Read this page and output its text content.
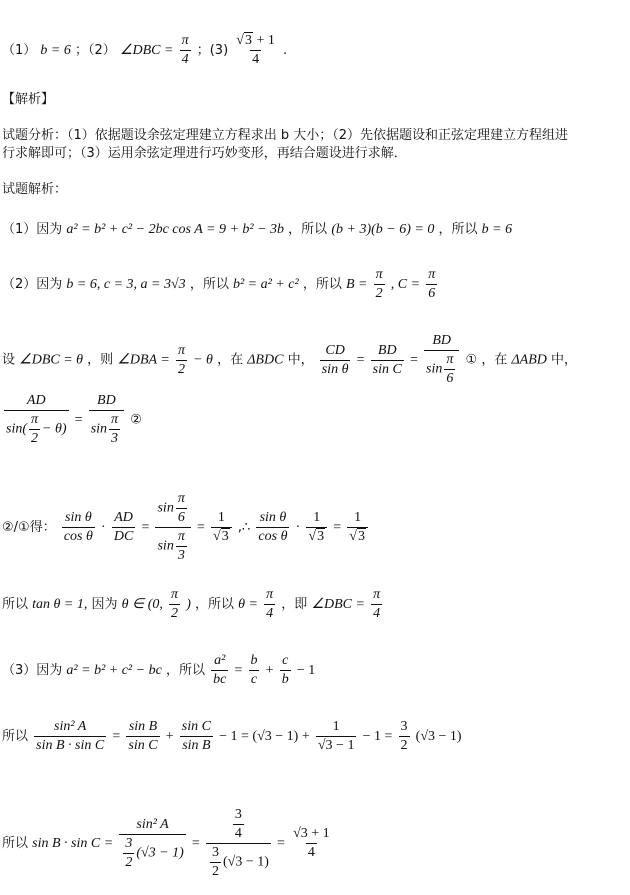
（1） b = 6 ；（2） ∠DBC = $\frac{\pi}{4}$ ；$(3) \frac{√3 + 1}{4}$ .
【解析】
试题分析：（1）依据题设余弦定理建立方程求出 b 大小；（2）先依据题设和正弦定理建立方程组进
行求解即可；（3）运用余弦定理进行巧妙变形，再结合题设进行求解．
试题解析：
（1）因为 a² = b² + c² − 2bc cos A = 9 + b² − 3b ，所以 (b + 3)(b − 6) = 0 ，所以 b = 6
（2）因为 b = 6, c = 3, a = 3√3 ，所以 b² = a² + c² ，所以 $B = \frac{\pi}{2}$ , $C = \frac{\pi}{6}$
设 ∠DBC = θ ，则 ∠DBA = $\frac{\pi}{2} - \theta$ ，在 ΔBDC 中， $\frac{CD}{\text{sin θ}} = \frac{BD}{\text{sin C}} = \frac{BD}{\sin \frac{\pi}{6}}$ ① ，在 ΔABD 中，
$\frac{AD}{\sin( \frac{\pi}{2} - \theta)} = \frac{BD}{\sin \frac{\pi}{3}}$ ②
②/①得： $\frac{\text{sin θ}}{\text{cos θ}} \cdot \frac{AD}{DC} = \frac{\sin \frac{\pi}{6}}{\sin \frac{\pi}{3}} = \frac{1}{√3}$ ,∴ $\frac{\text{sin θ}}{\text{cos θ}} \cdot \frac{1}{√3} = \frac{1}{√3}$
所以 tan θ = 1, 因为 θ ∈ (0, $\frac{\pi}{2}$ ) ，所以 $\theta = \frac{\pi}{4}$ ，即 ∠DBC = $\frac{\pi}{4}$
（3）因为 a² = b² + c² − bc ，所以 $\frac{\text{a²}}{bc} = \frac{b}{c} + \frac{c}{b} - 1$
所以 $\frac{\text{sin² A}}{\text{sin B · sin C}} = \frac{\text{sin B}}{\text{sin C}} + \frac{\text{sin C}}{\text{sin B}} - 1 = (√3 - 1) + \frac{1}{√3 - 1} - 1 = \frac{3}{2} (√3 - 1)$
所以 $\sin B \cdot \sin C = \frac{\text{sin² A}}{\frac{3}{2} (√3 - 1)} = \frac{\frac{3}{4}}{\frac{3}{2} (√3 - 1)} = \frac{√3 + 1}{4}$
